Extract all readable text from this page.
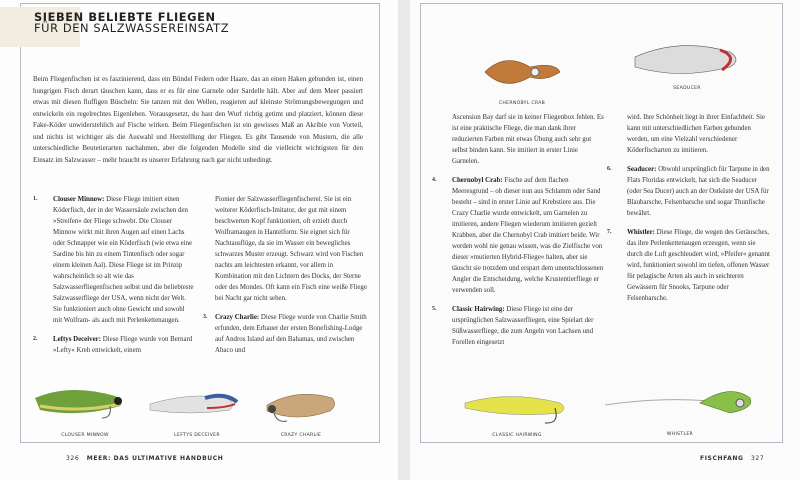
SIEBEN BELIEBTE FLIEGEN
FÜR DEN SALZWASSEREINSATZ
Beim Fliegenfischen ist es faszinierend, dass ein Bündel Federn oder Haare, das an einen Haken gebunden ist, einen hungrigen Fisch derart täuschen kann, dass er es für eine Garnele oder Sardelle hält. Aber auf dem Meer passiert etwas mit diesen fluffigen Büscheln: Sie tanzen mit den Wellen, reagieren auf kleinste Strömungsbewegungen und entwickeln ein regelrechtes Eigenleben. Vorausgesetzt, du hast den Wurf richtig getimt und platziert, können diese Fake-Köder unwiderstehlich auf Fische wirken. Beim Fliegenfischen ist ein gewisses Maß an Akribie von Vorteil, und nichts ist wichtiger als die Auswahl und Herstelllung der Fliegen. Es gibt Tausende von Mustern, die alle unterschiedliche Beutetierarten nachahmen, aber die folgenden Modelle sind die vielleicht wichtigsten für den Einsatz im Salzwasser – mehr braucht es unserer Erfahrung nach gar nicht unbedingt.
1. Clouser Minnow: Diese Fliege imitiert einen Köderfisch, der in der Wassersäule zwischen den »Streifen« der Fliege schwebt. Die Clouser Minnow wirkt mit ihren Augen auf einen Lachs oder Schnapper wie ein Köderfisch (wie etwa eine Sardine bis hin zu einem Tintenfisch oder sogar einem kleinen Aal). Diese Fliege ist im Prinzip wahrscheinlich so alt wie das Salzwasserfliegenfischen selbst und die beliebteste Salzwasserfliege der USA, wenn nicht der Welt. Sie funktioniert auch ohne Gewicht und sowohl mit Wolfram- als auch mit Perlenkettenaugen.
2. Leftys Deceiver: Diese Fliege wurde von Bernard »Lefty« Kreh entwickelt, einem
Pionier der Salzwasserfliegenfischerei. Sie ist ein weiterer Köderfisch-Imitator, der gut mit einem beschwerten Kopf funktioniert, oft erzielt durch Wolframaugen in Hantelform. Sie eignet sich für Nachtausflüge, da sie im Wasser ein bewegliches schwarzes Muster erzeugt. Schwarz wird von Fischen nachts am leichtesten erkannt, vor allem in Kombination mit den Lichtern des Docks, der Sterne oder des Mondes. Oft kann ein Fisch eine weiße Fliege bei Nacht gar nicht sehen.
3. Crazy Charlie: Diese Fliege wurde von Charlie Smith erfunden, dem Erbauer der ersten Bonefishing-Lodge auf Andros Island auf den Bahamas, und zwischen Abaco und
CLOUSER MINNOW	LEFTYS DECEIVER	CRAZY CHARLIE
326 MEER: DAS ULTIMATIVE HANDBUCH
CHERNOBYL CRAB
SEADUCER
Ascension Bay darf sie in keiner Fliegenbox fehlen. Es ist eine praktische Fliege, die man dank ihrer reduzierten Farben mit etwas Übung auch sehr gut selbst binden kann. Sie imitiert in erster Linie Garnelen.
4. Chernobyl Crab: Fische auf dem flachen Meeresgrund – ob dieser nun aus Schlamm oder Sand besteht – sind in erster Linie auf Krebstiere aus. Die Crazy Charlie wurde entwickelt, um Garnelen zu imitieren, andere Fliegen wiederum imitieren gezielt Krabben, aber die Chernobyl Crab imitiert beide. Wir werden wohl nie genau wissen, was die Zielfische von dieser »mutierten Hybrid-Fliege« halten, aber sie täuscht sie trotzdem und erspart dem unentschlossenen Angler die Entscheidung, welche Krustentierfliege er verwenden soll.
5. Classic Hairwing: Diese Fliege ist eine der ursprünglichen Salzwasserfliegen, eine Spielart der Süßwasserfliege, die zum Angeln von Lachsen und Forellen eingesetzt
wird. Ihre Schönheit liegt in ihrer Einfachheit. Sie kann mit unterschiedlichen Farben gebunden werden, um eine Vielzahl verschiedener Köderfischarten zu imitieren.
6. Seaducer: Obwohl ursprünglich für Tarpune in den Flats Floridas entwickelt, hat sich die Seaducer (oder Sea Ducer) auch an der Ostküste der USA für Blaubarsche, Felsenbarsche und sogar Thunfische bewährt.
7. Whistler: Diese Fliege, die wegen des Geräusches, das ihre Perlenkettenaugen erzeugen, wenn sie durch die Luft geschleudert wird, »Pfeifer« genannt wird, funktioniert sowohl im tiefen, offenen Wasser für pelagische Arten als auch in seichteren Gewässern für Snooks, Tarpune oder Felsenbarsche.
CLASSIC HAIRWING	WHISTLER
FISCHFANG 327
